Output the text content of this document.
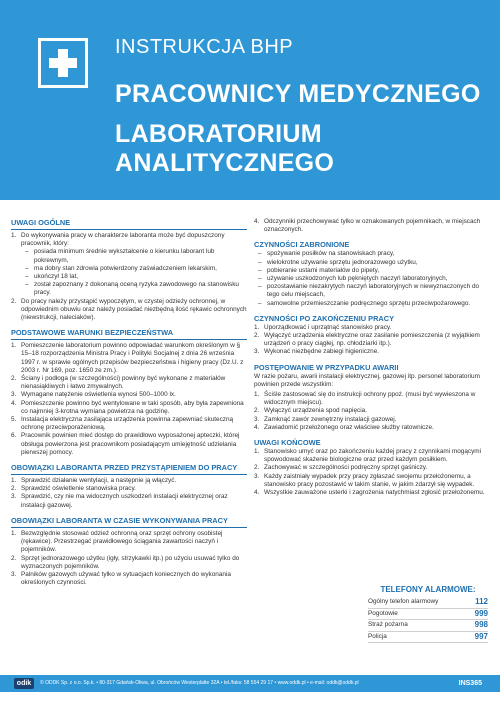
INSTRUKCJA BHP
PRACOWNICY MEDYCZNEGO
LABORATORIUM ANALITYCZNEGO
UWAGI OGÓLNE
1. Do wykonywania pracy w charakterze laboranta może być dopuszczony pracownik, który:
– posiada minimum średnie wykształcenie o kierunku laborant lub pokrewnym,
– ma dobry stan zdrowia potwierdzony zaświadczeniem lekarskim,
– ukończył 18 lat,
– został zapoznany z dokonaną oceną ryzyka zawodowego na stanowisku pracy.
2. Do pracy należy przystąpić wypoczętym, w czystej odzieży ochronnej, w odpowiednim obuwiu oraz należy posiadać niezbędną ilość rękawic ochronnych (niewstrukcji, naleciaków).
PODSTAWOWE WARUNKI BEZPIECZEŃSTWA
1. Pomieszczenie laboratorium powinno odpowiadać warunkom określonym w § 15–18 rozporządzenia Ministra Pracy i Polityki Socjalnej z dnia 26 września 1997 r. w sprawie ogólnych przepisów bezpieczeństwa i higieny pracy (Dz.U. z 2003 r. Nr 169, poz. 1650 ze zm.).
2. Ściany i podłoga (w szczególności) powinny być wykonane z materiałów nienasiąkliwych i łatwo zmywalnych.
3. Wymagane natężenie oświetlenia wynosi 500–1000 lx.
4. Pomieszczenie powinno być wentylowane w taki sposób, aby była zapewniona co najmniej 3-krotna wymiana powietrza na godzinę.
5. Instalacja elektryczna zasilająca urządzenia powinna zapewniać skuteczną ochronę przeciwporażeniową.
6. Pracownik powinien mieć dostęp do prawidłowo wyposażonej apteczki, której obsługa powierzona jest pracownikom posiadającym umiejętność udzielania pierwszej pomocy.
OBOWIĄZKI LABORANTA PRZED PRZYSTĄPIENIEM DO PRACY
1. Sprawdzić działanie wentylacji, a następnie ją włączyć.
2. Sprawdzić oświetlenie stanowiska pracy.
3. Sprawdzić, czy nie ma widocznych uszkodzeń instalacji elektrycznej oraz instalacji gazowej.
OBOWIĄZKI LABORANTA W CZASIE WYKONYWANIA PRACY
1. Bezwzględnie stosować odzież ochronną oraz sprzęt ochrony osobistej (rękawice). Przestrzegać prawidłowego ściągania zawartości naczyń i pojemników.
2. Sprzęt jednorazowego użytku (igły, strzykawki itp.) po użyciu usuwać tylko do wyznaczonych pojemników.
3. Palników gazowych używać tylko w sytuacjach koniecznych do wykonania określonych czynności.
4. Odczynniki przechowywać tylko w oznakowanych pojemnikach, w miejscach oznaczonych.
CZYNNOŚCI ZABRONIONE
– spożywanie posiłków na stanowiskach pracy,
– wielokrotne używanie sprzętu jednorazowego użytku,
– pobieranie ustami materiałów do pipety,
– używanie uszkodzonych lub pękniętych naczyń laboratoryjnych,
– pozostawianie niezakrytych naczyń laboratoryjnych w niewyznaczonych do tego celu miejscach,
– samowolne przemieszczanie podręcznego sprzętu przeciwpożarowego.
CZYNNOŚCI PO ZAKOŃCZENIU PRACY
1. Uporządkować i uprzątnąć stanowisko pracy.
2. Wyłączyć urządzenia elektryczne oraz zasilanie pomieszczenia (z wyjątkiem urządzeń o pracy ciągłej, np. chłodziarki itp.).
3. Wykonać niezbędne zabiegi higieniczne.
POSTĘPOWANIE W PRZYPADKU AWARII
W razie pożaru, awarii instalacji elektrycznej, gazowej itp. personel laboratorium powinien przede wszystkim:
1. Ściśle zastosować się do instrukcji ochrony ppoż. (musi być wywieszona w widocznym miejscu).
2. Wyłączyć urządzenia spod napięcia.
3. Zamknąć zawór zewnętrzny instalacji gazowej.
4. Zawiadomić przełożonego oraz właściwe służby ratownicze.
UWAGI KOŃCOWE
1. Stanowisko umyć oraz po zakończeniu każdej pracy z czynnikami mogącymi spowodować skażenie biologiczne oraz przed każdym posiłkiem.
2. Zachowywać w szczególności podręczny sprzęt gaśniczy.
3. Każdy zaistniały wypadek przy pracy zgłaszać swojemu przełożonemu, a stanowisko pracy pozostawić w takim stanie, w jakim zdarzył się wypadek.
4. Wszystkie zauważone usterki i zagrożenia natychmiast zgłosić przełożonemu.
TELEFONY ALARMOWE:
Ogólny telefon alarmowy	112
Pogotowie	999
Straż pożarna	998
Policja	997
odik	© ODDK Sp. z o.o. Sp.k. • 80-317 Gdańsk-Oliwa, ul. Obrońców Westerplatte 32A • tel./faks: 58 554 29 17 • www.oddk.pl • e-mail: oddk@oddk.pl	INS365
